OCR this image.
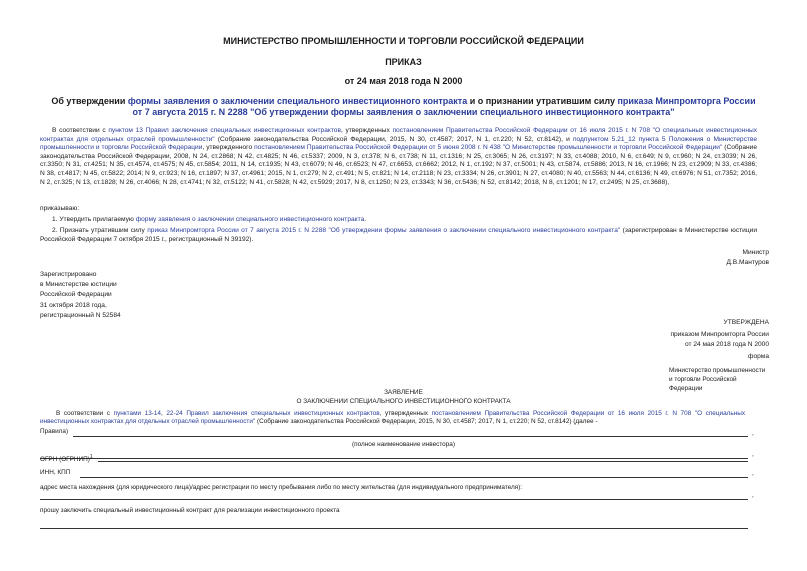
МИНИСТЕРСТВО ПРОМЫШЛЕННОСТИ И ТОРГОВЛИ РОССИЙСКОЙ ФЕДЕРАЦИИ
ПРИКАЗ
от 24 мая 2018 года N 2000
Об утверждении формы заявления о заключении специального инвестиционного контракта и о признании утратившим силу приказа Минпромторга России от 7 августа 2015 г. N 2288 "Об утверждении формы заявления о заключении специального инвестиционного контракта"
В соответствии с пунктом 13 Правил заключения специальных инвестиционных контрактов, утвержденных постановлением Правительства Российской Федерации от 16 июля 2015 г. N 708 "О специальных инвестиционных контрактах для отдельных отраслей промышленности" (Собрание законодательства Российской Федерации, 2015, N 30, ст.4587; 2017, N 1, ст.220; N 52, ст.8142), и подпунктом 5.21_12 пункта 5 Положения о Министерстве промышленности и торговли Российской Федерации, утвержденного постановлением Правительства Российской Федерации от 5 июня 2008 г. N 438 "О Министерстве промышленности и торговли Российской Федерации" (Собрание законодательства Российской Федерации, 2008, N 24, ст.2868; N 42, ст.4825; N 46, ст.5337; 2009, N 3, ст.378; N 6, ст.738; N 11, ст.1316; N 25, ст.3065; N 26, ст.3197; N 33, ст.4088; 2010, N 6, ст.649; N 9, ст.960; N 24, ст.3039; N 26, ст.3350; N 31, ст.4251; N 35, ст.4574, ст.4575; N 45, ст.5854; 2011, N 14, ст.1935; N 43, ст.6079; N 46, ст.6523; N 47, ст.6653, ст.6662; 2012, N 1, ст.192; N 37, ст.5001; N 43, ст.5874, ст.5886; 2013, N 16, ст.1966; N 23, ст.2909; N 33, ст.4386; N 38, ст.4817; N 45, ст.5822; 2014; N 9, ст.923; N 16, ст.1897; N 37, ст.4961; 2015, N 1, ст.279; N 2, ст.491; N 5, ст.821; N 14, ст.2118; N 23, ст.3334; N 26, ст.3901; N 27, ст.4080; N 40, ст.5563; N 44, ст.6136; N 49, ст.6976; N 51, ст.7352; 2016, N 2, ст.325; N 13, ст.1828; N 26, ст.4066; N 28, ст.4741; N 32, ст.5122; N 41, ст.5828; N 42, ст.5929; 2017, N 8, ст.1250; N 23, ст.3343; N 36, ст.5436; N 52, ст.8142; 2018, N 8, ст.1201; N 17, ст.2495; N 25, ст.3688),
приказываю:
1. Утвердить прилагаемую форму заявления о заключении специального инвестиционного контракта.
2. Признать утратившим силу приказ Минпромторга России от 7 августа 2015 г. N 2288 "Об утверждении формы заявления о заключении специального инвестиционного контракта" (зарегистрирован в Министерстве юстиции Российской Федерации 7 октября 2015 г., регистрационный N 39192).
Министр
Д.В.Мантуров
Зарегистрировано
в Министерстве юстиции
Российской Федерации
31 октября 2018 года,
регистрационный N 52584
УТВЕРЖДЕНА
приказом Минпромторга России
от 24 мая 2018 года N 2000
форма
Министерство промышленности
и торговли Российской Федерации
ЗАЯВЛЕНИЕ
О ЗАКЛЮЧЕНИИ СПЕЦИАЛЬНОГО ИНВЕСТИЦИОННОГО КОНТРАКТА
В соответствии с пунктами 13-14, 22-24 Правил заключения специальных инвестиционных контрактов, утвержденных постановлением Правительства Российской Федерации от 16 июля 2015 г. N 708 "О специальных инвестиционных контрактах для отдельных отраслей промышленности" (Собрание законодательства Российской Федерации, 2015, N 30, ст.4587; 2017, N 1, ст.220; N 52, ст.8142) (далее -
Правила)	,
(полное наименование инвестора)
,
ОГРН (ОГРНИП)$^1$
ИНН, КПП	,
адрес места нахождения (для юридического лица)/адрес регистрации по месту пребывания либо по месту жительства (для индивидуального предпринимателя):
,
прошу заключить специальный инвестиционный контракт для реализации инвестиционного проекта
